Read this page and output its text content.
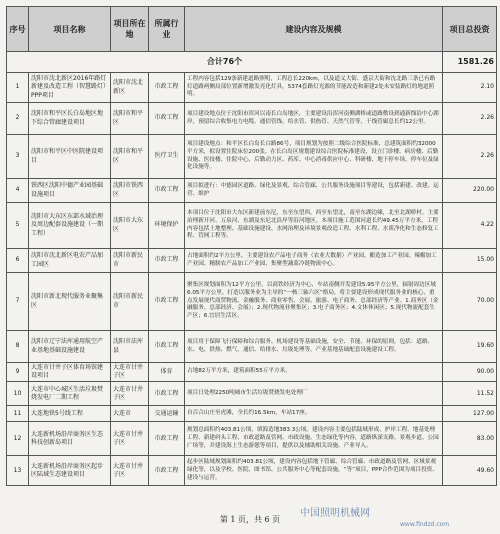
序号	项目名称	项目所在地	所属行业	建设内容及规模	项目总投资
合计76个					1581.26
1	沈阳市沈北新区2016年路灯新建及改造工程（智慧路灯）PPP项目	沈阳市沈北新区	市政工程	工程内容包括129条新建道路照明，工程总长220km，以及道义大街、盛京大街和沈北路三条已有路灯道路两侧局部位置新增激发亮化灯具，5374套路灯光源的节能改造和新建2处未安装路灯的地道照明。	2.10
2	沈阳市和平区长白岛地区地下综合管廊建设项目	沈阳市和平区	市政工程	项目建设地点位于沈阳市浑河以南长白岛地区，主要建设沿浑河南侧湖桥或道路敷设到通新线沿中心湖岸，预留综合收集电力电缆、通信管线、给水管、供热管、天然气管等，干线管廊总长约12公里。	2.26
3	沈阳市和平区中医院建设项目	沈阳市和平区	医疗卫生	项目建设地点：和平区长白岛长白路86号，项目规划为按照二级综合医院标准，总建筑面积约32000平方米，拟设置住院床位200张。在长白岛区规划建设综合医院标准建设，设立门诊楼、病房楼、后勤设施、医技楼、住院中心、后勤动力区、药库、中心消毒供应中心、科研楼、地下停车场、停车位及绿化设施等。	2.26
4	铁西区沈阳中德产业园基础设施项目	沈阳市铁西区	市政工程	项目拟进行：中德园区道路、绿化及景观、综合管廊、公共服务设施项目等建设，包括新建、改建、运营、维护	220.00
5	沈阳市大东区东部水域治理及周边配套设施建设（一期工程）	沈阳市大东区	环境保护	本项目位于沈阳市大东区新建前东尼，东至东望西，西至东望北，南至东湖边缘，北至北湖桥村，主要治理新开河、万泉河、东湖及东尼北沿岸等沿河地区。本项目施工范围河道长约49.45万平方米，工程内容包括土地整理、基础设施建设、水网治理及环境景观改造工程、水利工程、水质净化和生态修复工程、管网工程等。	4.22
6	沈阳市沈北新区电农产品加工园区	沈阳市新民市	市政工程	占地面积约2平方公里。主要建设农产品电子商务（农业大数据）产业园，酿造加工产业园、辣椒加工产业园、精制农产品加工产业园、集聚型蔬菜冷链物流中心。	15.00
7	沈阳市新北现代服务业聚集区	沈阳市新民市	市政工程	聚集区规划面积为12平方公里，以商铁经济为中心，车站南侧开发建设5.95平方公里，辐射周边区域6.05平方公里。打造以服务业为主导的“一核三轴六区”格局。将主要建设形成现代服务业的核心，重点发展现代商贸物流、金融服务、商业零售、会展、旅游、电子商务、总部经济等产业。1.商务区（金融服务、总部经济、会展）；2.现代物流业聚集区；3.电子商务区；4.文体休闲区；5.现代物流配套生产区；6.宜居生活区。	70.00
8	沈阳市辽宁法库通用航空产业基地基础设施建设	沈阳市法库县	市政工程	项目用于保障飞行保障和综合服务、机场建设等基础设施，安全、节能、环保的原则，包括：道路、水、电、供热、燃气、通信、给排水、垃圾处理等，产业基地基础配套设施建设工程。	19.60
9	大连市甘井子区体育场馆建设项目	大连市甘井子区	体育	占地82万平方米，建筑面积55万平方米。	90.00
10	大连市中心城区生活垃圾焚烧发电厂二期工程	大连市甘井子区	市政工程	项目日处理2250吨城市生活垃圾焚烧发电处理厂	11.52
11	大连地铁5号线工程	大连市	交通运输	自百合山庄至虎滩，全长约16.5km，车站17座。	127.00
12	大连新机场沿岸商务区生态科技创新岛项目	大连市甘井子区	市政工程	规划总面积约403.81公顷，填海造地383.3公顷。建设内容主要包括陆域形成、护岸工程、地基处理工程、新建码头工程、市政道路及管网、市政设施、生态绿化等内容，道路纵深支路、景观步道、公园广场等，并建设海上生态游憩等项目，提供以及辅助相关设施、产业导入。	83.00
13	大连新机场沿岸商务区起步区陆域生态建设项目	大连市甘井子区	市政工程	起步区陆域规划面积约403.81公顷，建设内容包括地下管廊、综合管廊、市政道路及管网、区域景观绿化等，以及学校、医院、图书馆、公共服务中心等配套设施，“等”项目，PPP合作范围为项目投资、建设与运营。	49.60
第 1 页，共 6 页
中国照明机械网
www.findzd.com
